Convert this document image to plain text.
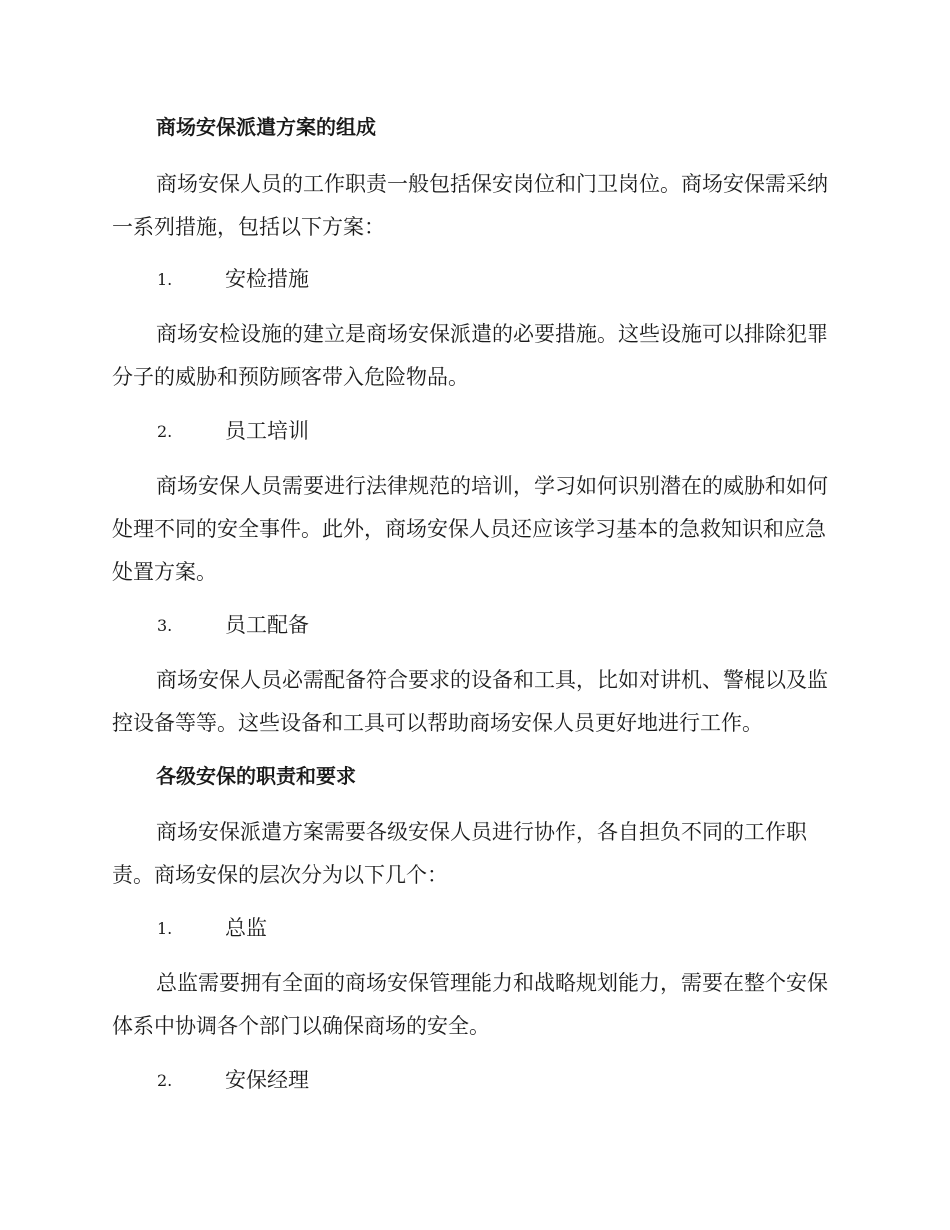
商场安保派遣方案的组成

商场安保人员的工作职责一般包括保安岗位和门卫岗位。商场安保需采纳一系列措施，包括以下方案：

1.	安检措施

商场安检设施的建立是商场安保派遣的必要措施。这些设施可以排除犯罪分子的威胁和预防顾客带入危险物品。

2.	员工培训

商场安保人员需要进行法律规范的培训，学习如何识别潜在的威胁和如何处理不同的安全事件。此外，商场安保人员还应该学习基本的急救知识和应急处置方案。

3.	员工配备

商场安保人员必需配备符合要求的设备和工具，比如对讲机、警棍以及监控设备等等。这些设备和工具可以帮助商场安保人员更好地进行工作。

各级安保的职责和要求

商场安保派遣方案需要各级安保人员进行协作，各自担负不同的工作职责。商场安保的层次分为以下几个：

1.	总监

总监需要拥有全面的商场安保管理能力和战略规划能力，需要在整个安保体系中协调各个部门以确保商场的安全。

2.	安保经理
